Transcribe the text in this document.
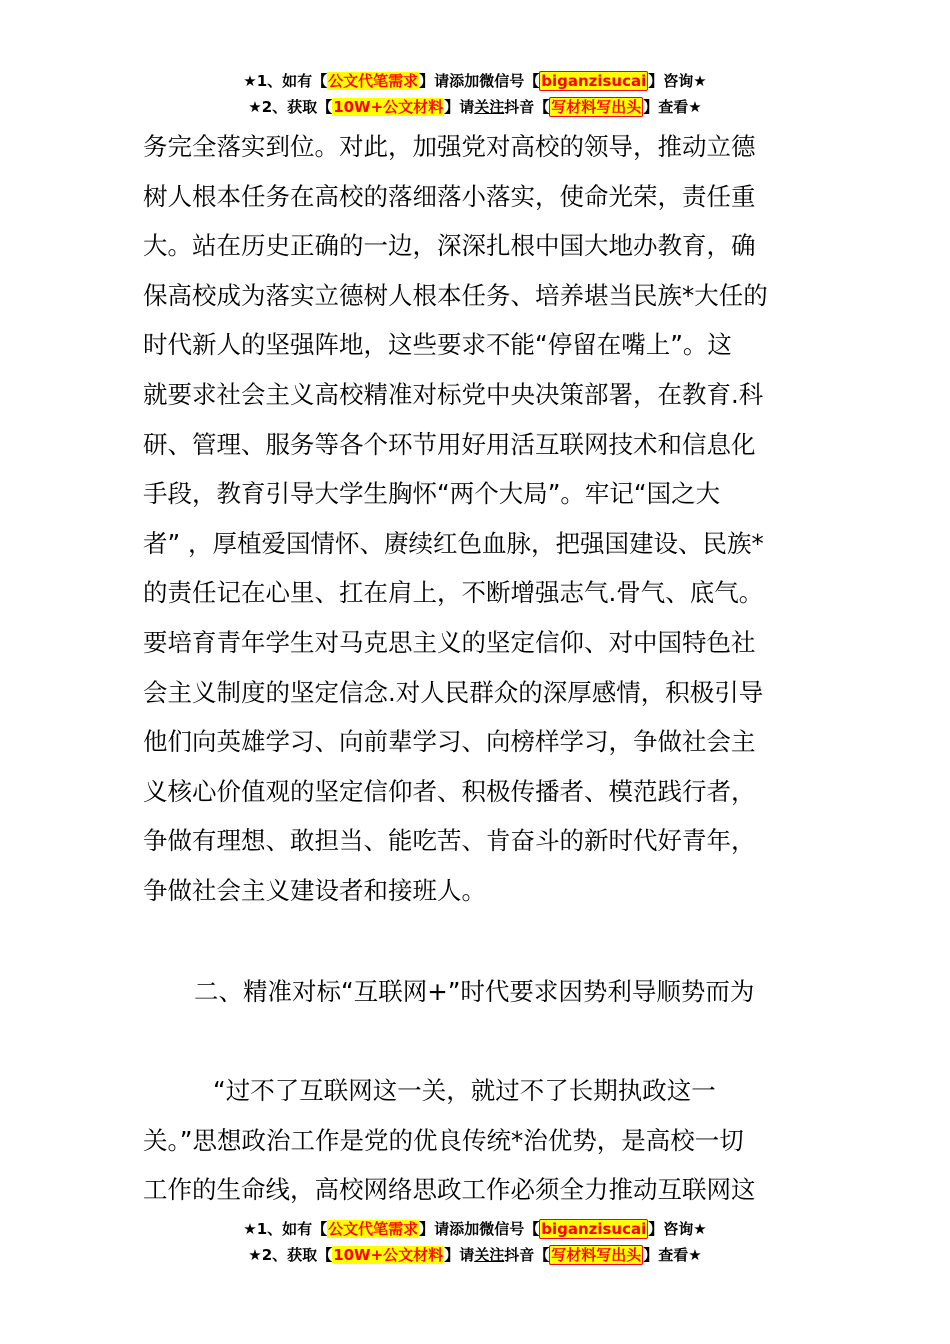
★1、如有【公文代笔需求】请添加微信号【 biganzisucai 】咨询★
★2、获取【10W+公文材料】请关注抖音【 写材料写出头 】查看★
务完全落实到位。对此，加强党对高校的领导，推动立德
树人根本任务在高校的落细落小落实，使命光荣，责任重
大。站在历史正确的一边，深深扎根中国大地办教育，确
保高校成为落实立德树人根本任务、培养堪当民族*大任的
时代新人的坚强阵地，这些要求不能“停留在嘴上”。这
就要求社会主义高校精准对标党中央决策部署，在教育.科
研、管理、服务等各个环节用好用活互联网技术和信息化
手段，教育引导大学生胸怀“两个大局”。牢记“国之大
者” ，厚植爱国情怀、赓续红色血脉，把强国建设、民族*
的责任记在心里、扛在肩上，不断增强志气.骨气、底气。
要培育青年学生对马克思主义的坚定信仰、对中国特色社
会主义制度的坚定信念.对人民群众的深厚感情，积极引导
他们向英雄学习、向前辈学习、向榜样学习，争做社会主
义核心价值观的坚定信仰者、积极传播者、模范践行者，
争做有理想、敢担当、能吃苦、肯奋斗的新时代好青年，
争做社会主义建设者和接班人。
二、精准对标“互联网+”时代要求因势利导顺势而为
“过不了互联网这一关，就过不了长期执政这一
关。”思想政治工作是党的优良传统*治优势，是高校一切
工作的生命线，高校网络思政工作必须全力推动互联网这
★1、如有【公文代笔需求】请添加微信号【 biganzisucai 】咨询★
★2、获取【10W+公文材料】请关注抖音【 写材料写出头 】查看★
